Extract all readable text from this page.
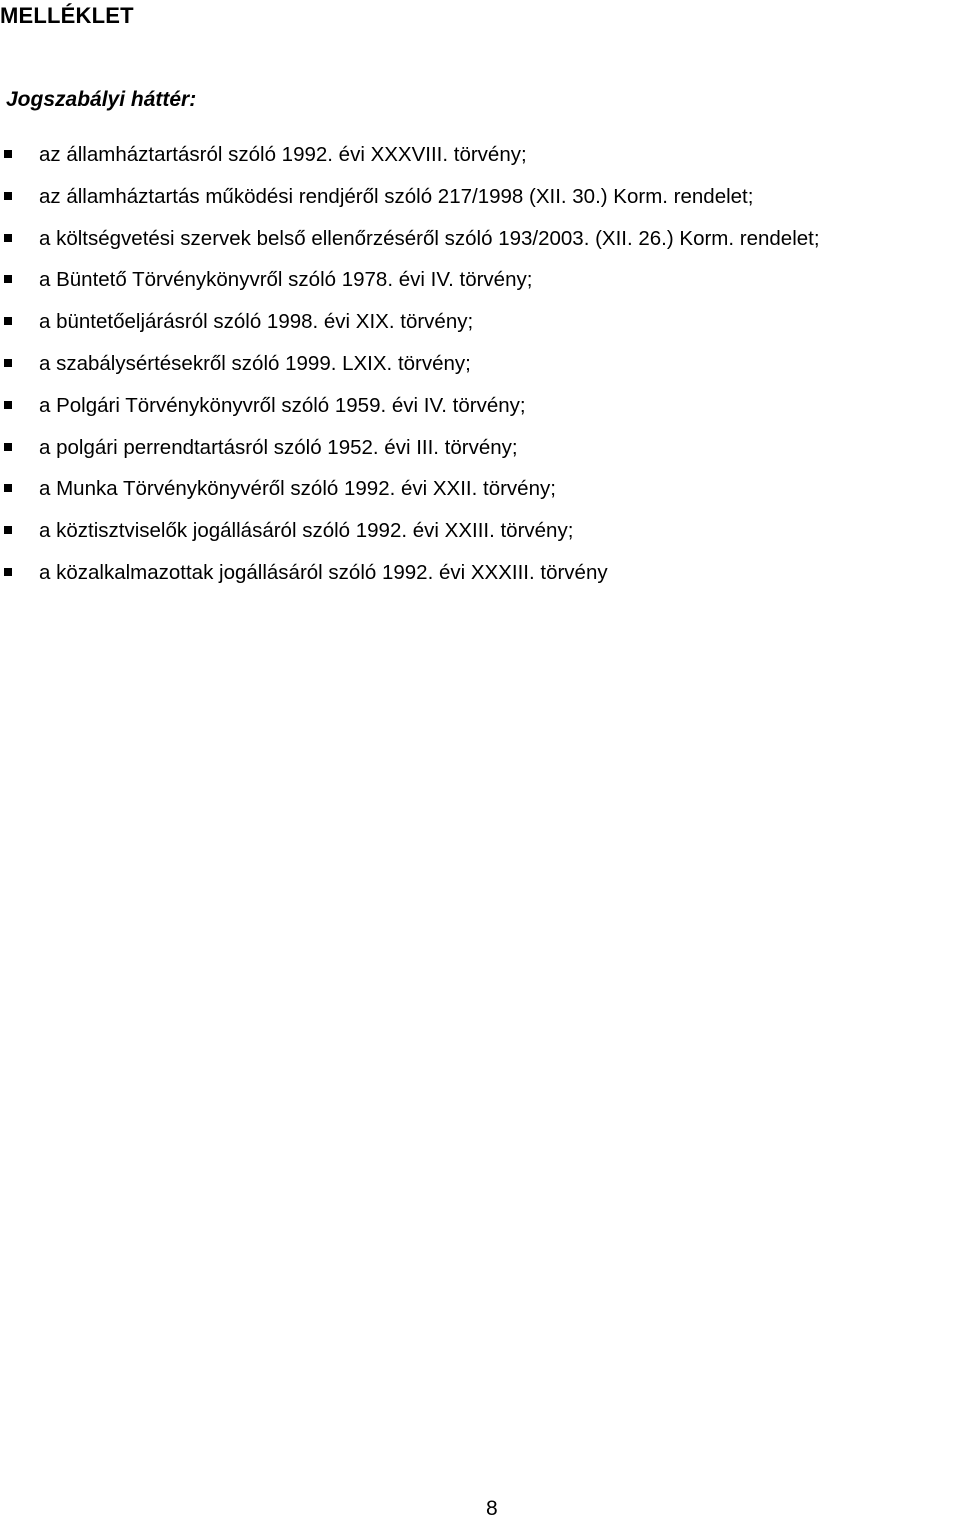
MELLÉKLET
Jogszabályi háttér:
az államháztartásról szóló 1992. évi XXXVIII. törvény;
az államháztartás működési rendjéről szóló 217/1998 (XII. 30.) Korm. rendelet;
a költségvetési szervek belső ellenőrzéséről szóló 193/2003. (XII. 26.) Korm. rendelet;
a Büntető Törvénykönyvről szóló 1978. évi IV. törvény;
a büntetőeljárásról szóló 1998. évi XIX. törvény;
a szabálysértésekről szóló 1999. LXIX. törvény;
a Polgári Törvénykönyvről szóló 1959. évi IV. törvény;
a polgári perrendtartásról szóló 1952. évi III. törvény;
a Munka Törvénykönyvéről szóló 1992. évi XXII. törvény;
a köztisztviselők jogállásáról szóló 1992. évi XXIII. törvény;
a közalkalmazottak jogállásáról szóló 1992. évi XXXIII. törvény
8
